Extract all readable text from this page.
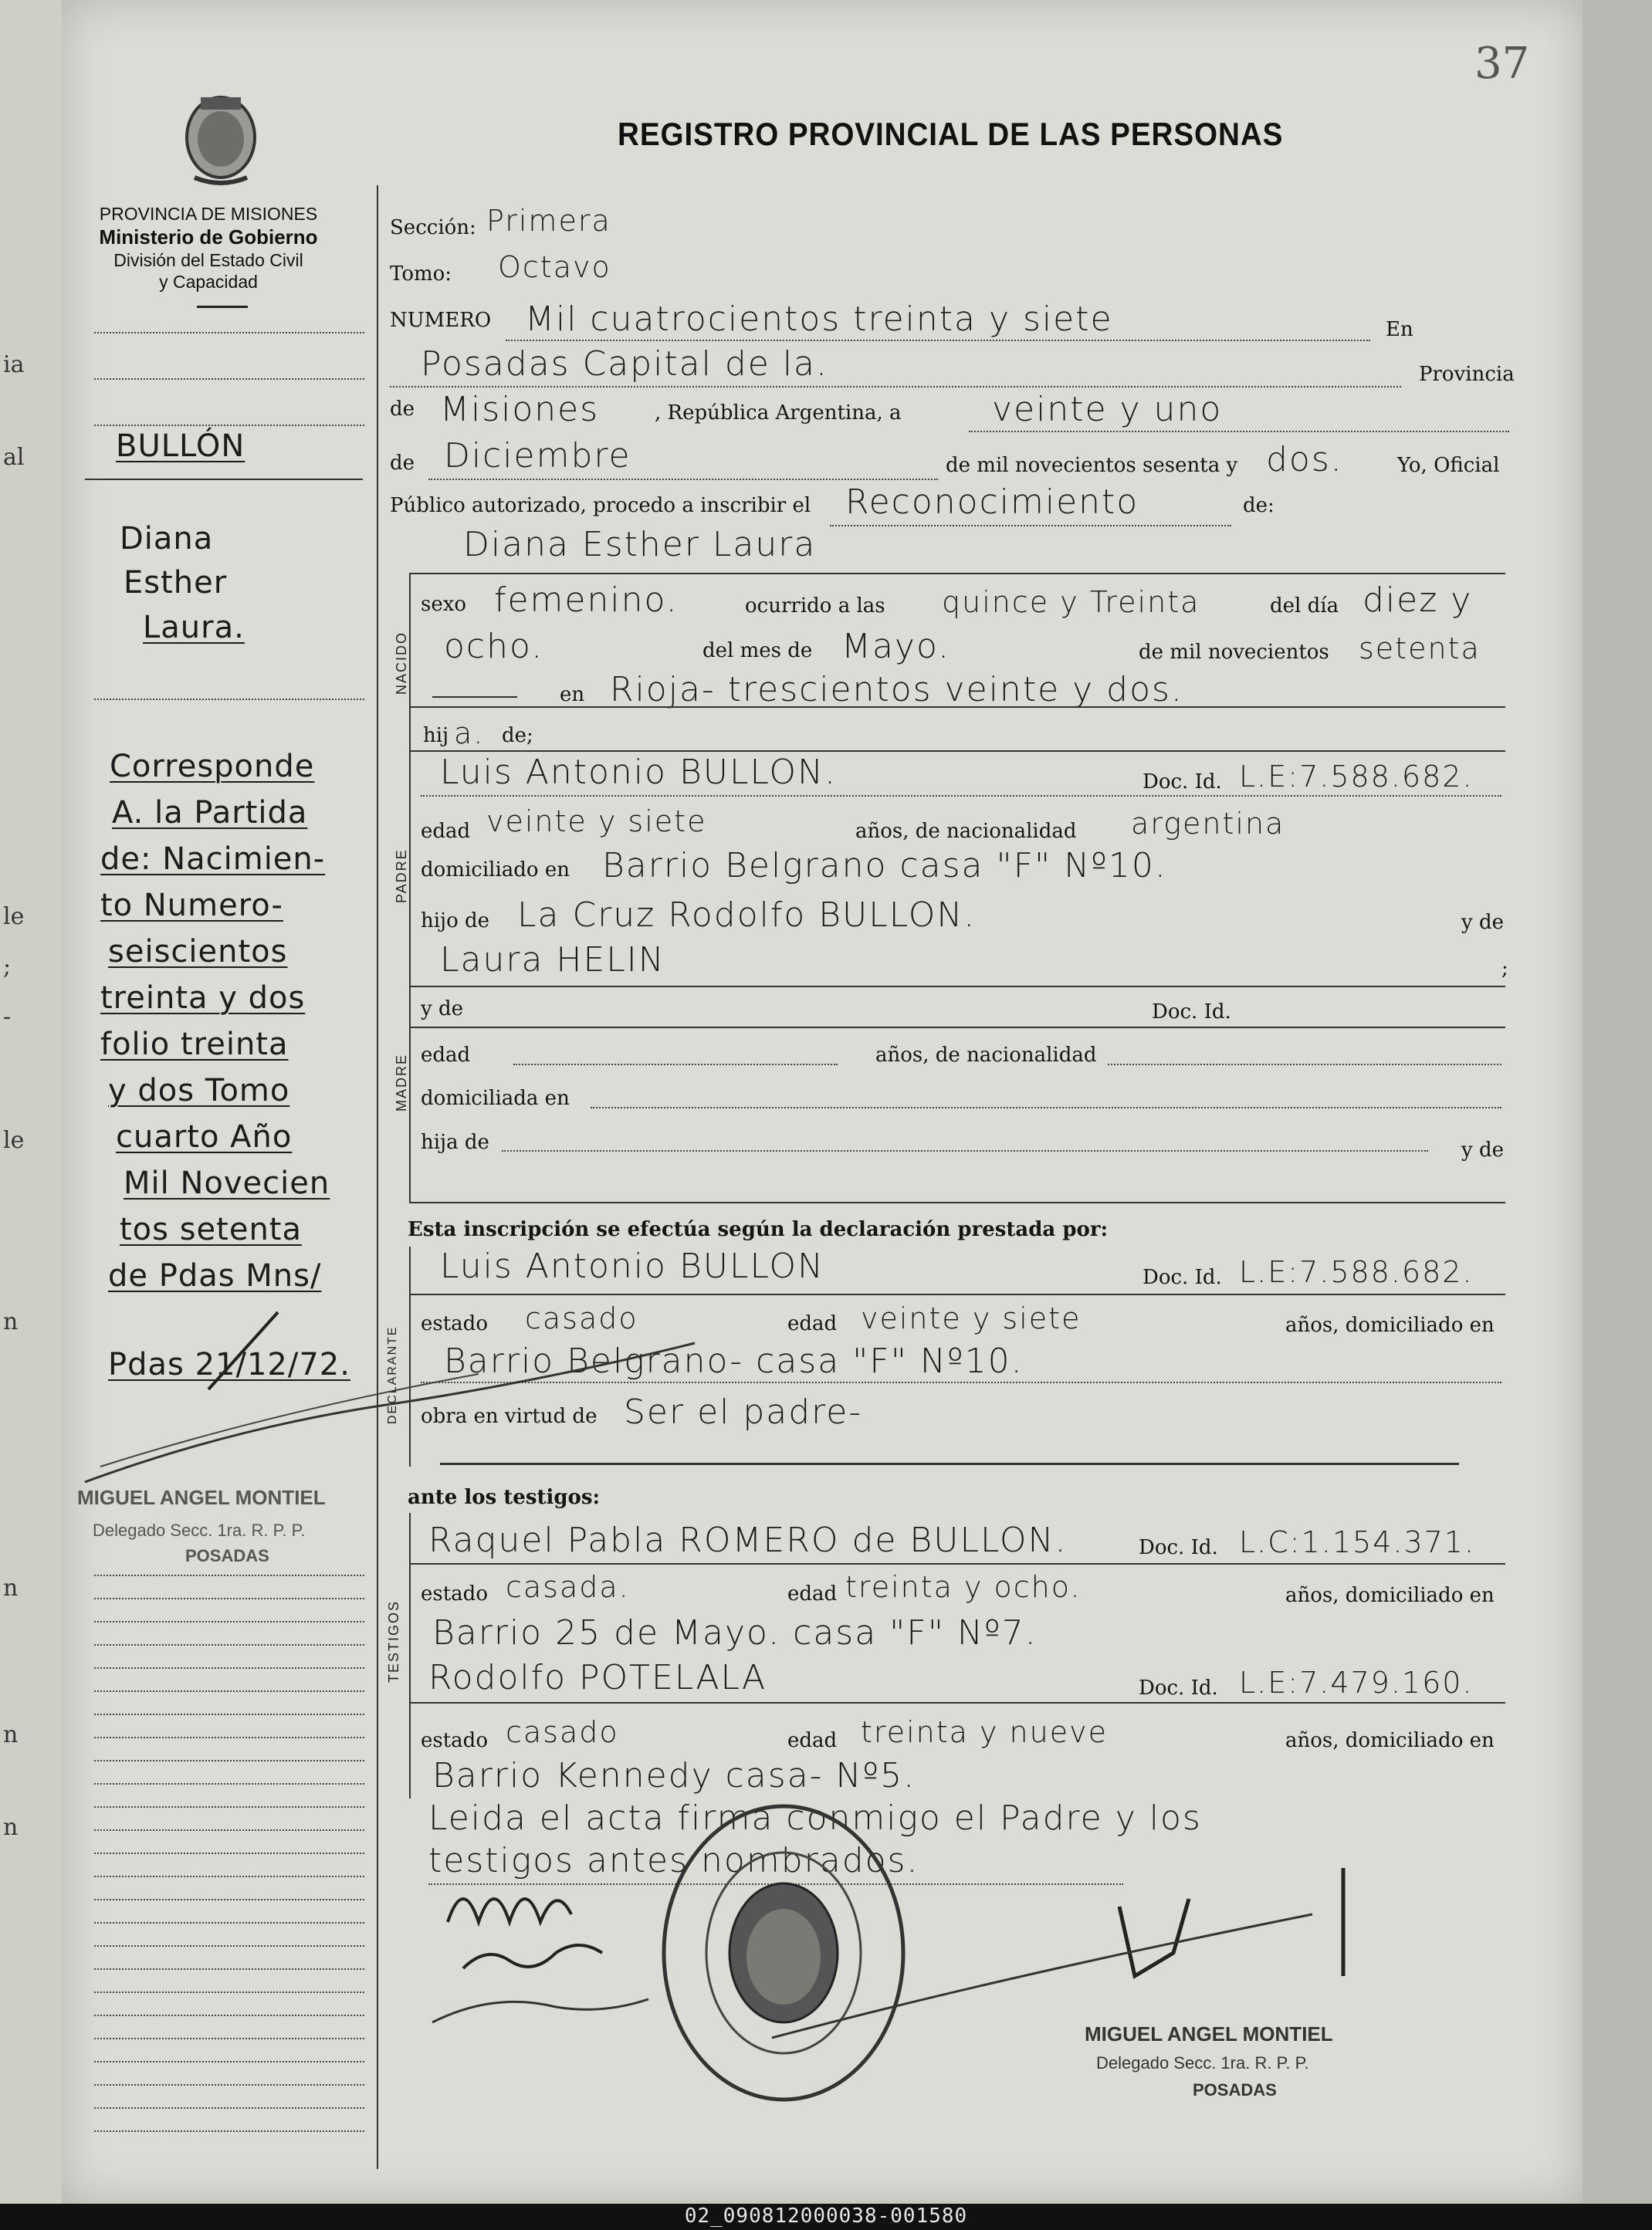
ia
al
le
;
-
le
n
n
n
n
37
REGISTRO PROVINCIAL DE LAS PERSONAS
PROVINCIA DE MISIONES
Ministerio de Gobierno
División del Estado Civil
y Capacidad
BULLÓN
Diana
Esther
Laura.
Corresponde
A. la Partida
de: Nacimien-
to Numero-
seiscientos
treinta y dos
folio treinta
y dos Tomo
cuarto Año
Mil Novecien
tos setenta
de Pdas Mns/
Pdas 21/12/72.
MIGUEL ANGEL MONTIEL
Delegado Secc. 1ra. R. P. P.
POSADAS
Sección: Primera
Tomo: Octavo
NUMERO Mil cuatrocientos treinta y siete	En
Posadas Capital de la.	Provincia
de Misiones	, República Argentina, a	veinte y uno
de Diciembre	de mil novecientos sesenta y dos.	Yo, Oficial
Público autorizado, procedo a inscribir el Reconocimiento	de:
Diana Esther Laura
NACIDO
sexo femenino.	ocurrido a las quince y Treinta	del día diez y
ocho.	del mes de Mayo.	de mil novecientos setenta
en Rioja- trescientos veinte y dos.
hij a. de;
PADRE
Luis Antonio BULLON.	Doc. Id. L.E:7.588.682.
edad veinte y siete	años, de nacionalidad argentina
domiciliado en Barrio Belgrano casa "F" Nº10.
hijo de La Cruz Rodolfo BULLON.	y de
Laura HELIN	;
MADRE
y de	Doc. Id.
edad	años, de nacionalidad
domiciliada en
hija de	y de
Esta inscripción se efectúa según la declaración prestada por:
DECLARANTE
Luis Antonio BULLON	Doc. Id. L.E:7.588.682.
estado casado	edad veinte y siete	años, domiciliado en
Barrio Belgrano- casa "F" Nº10.
obra en virtud de Ser el padre-
ante los testigos:
TESTIGOS
Raquel Pabla ROMERO de BULLON.	Doc. Id. L.C:1.154.371.
estado casada.	edad treinta y ocho.	años, domiciliado en
Barrio 25 de Mayo. casa "F" Nº7.
Rodolfo POTELALA	Doc. Id. L.E:7.479.160.
estado casado	edad treinta y nueve	años, domiciliado en
Barrio Kennedy casa- Nº5.
Leida el acta firma conmigo el Padre y los
testigos antes nombrados.
MIGUEL ANGEL MONTIEL
Delegado Secc. 1ra. R. P. P.
POSADAS
02_090812000038-001580
